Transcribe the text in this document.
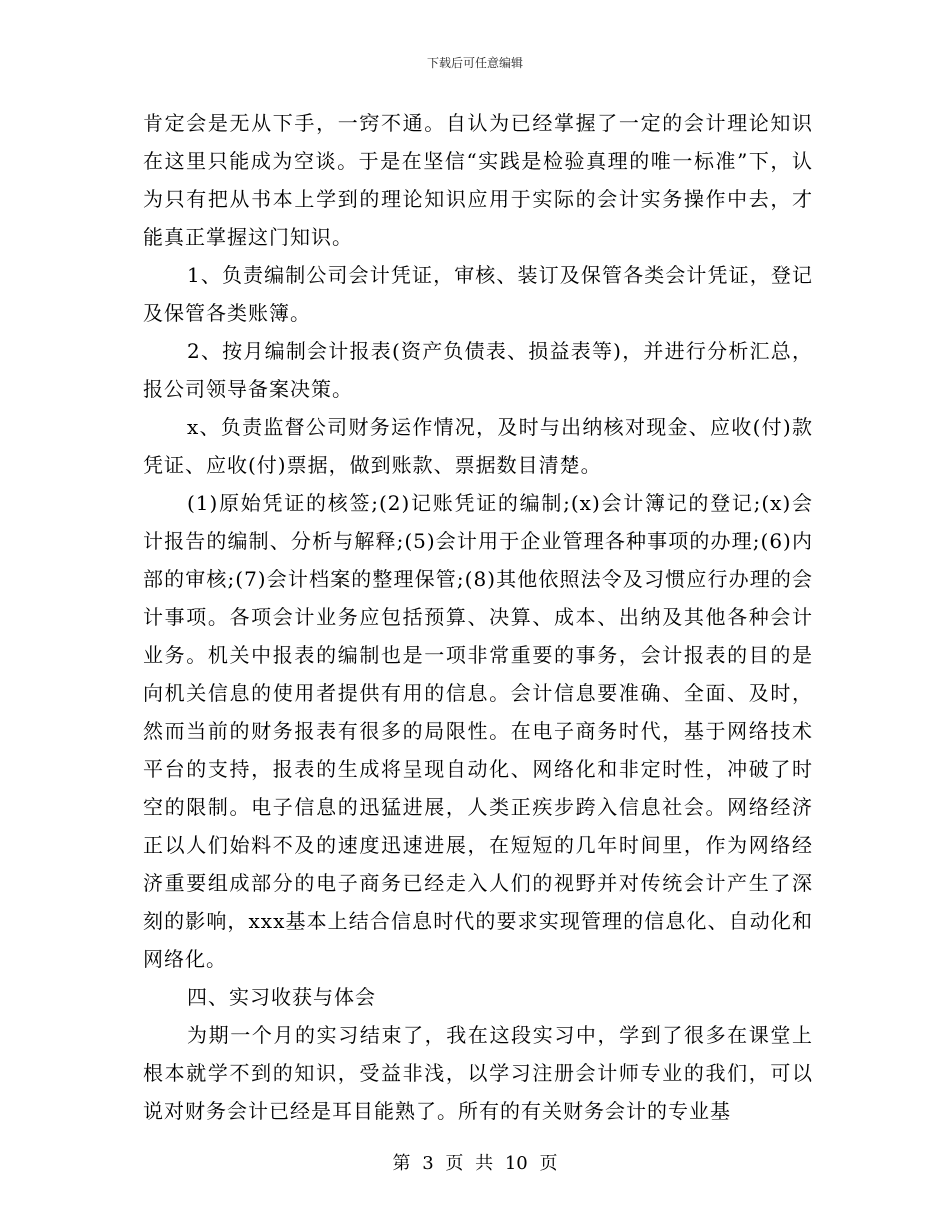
下载后可任意编辑

肯定会是无从下手，一窍不通。自认为已经掌握了一定的会计理论知识在这里只能成为空谈。于是在坚信“实践是检验真理的唯一标准”下，认为只有把从书本上学到的理论知识应用于实际的会计实务操作中去，才能真正掌握这门知识。

1、负责编制公司会计凭证，审核、装订及保管各类会计凭证，登记及保管各类账簿。

2、按月编制会计报表(资产负债表、损益表等)，并进行分析汇总，报公司领导备案决策。

x、负责监督公司财务运作情况，及时与出纳核对现金、应收(付)款凭证、应收(付)票据，做到账款、票据数目清楚。

(1)原始凭证的核签;(2)记账凭证的编制;(x)会计簿记的登记;(x)会计报告的编制、分析与解释;(5)会计用于企业管理各种事项的办理;(6)内部的审核;(7)会计档案的整理保管;(8)其他依照法令及习惯应行办理的会计事项。各项会计业务应包括预算、决算、成本、出纳及其他各种会计业务。机关中报表的编制也是一项非常重要的事务，会计报表的目的是向机关信息的使用者提供有用的信息。会计信息要准确、全面、及时，然而当前的财务报表有很多的局限性。在电子商务时代，基于网络技术平台的支持，报表的生成将呈现自动化、网络化和非定时性，冲破了时空的限制。电子信息的迅猛进展，人类正疾步跨入信息社会。网络经济正以人们始料不及的速度迅速进展，在短短的几年时间里，作为网络经济重要组成部分的电子商务已经走入人们的视野并对传统会计产生了深刻的影响，xxx基本上结合信息时代的要求实现管理的信息化、自动化和网络化。

四、实习收获与体会

为期一个月的实习结束了，我在这段实习中，学到了很多在课堂上根本就学不到的知识，受益非浅，以学习注册会计师专业的我们，可以说对财务会计已经是耳目能熟了。所有的有关财务会计的专业基

第 3 页 共 10 页
